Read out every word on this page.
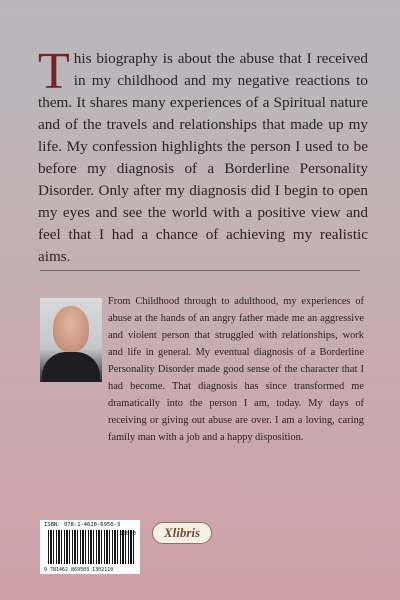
This biography is about the abuse that I received in my childhood and my negative reactions to them. It shares many experiences of a Spiritual nature and of the travels and relationships that made up my life. My confession highlights the person I used to be before my diagnosis of a Borderline Personality Disorder. Only after my diagnosis did I begin to open my eyes and see the world with a positive view and feel that I had a chance of achieving my realistic aims.
From Childhood through to adulthood, my experiences of abuse at the hands of an angry father made me an aggressive and violent person that struggled with relationships, work and life in general. My eventual diagnosis of a Borderline Personality Disorder made good sense of the character that I had become. That diagnosis has since transformed me dramatically into the person I am, today. My days of receiving or giving out abuse are over. I am a loving, caring family man with a job and a happy disposition.
ISBN: 978-1-4628-6950-3
90000
9 781462 869503 1302110
Xlibris
